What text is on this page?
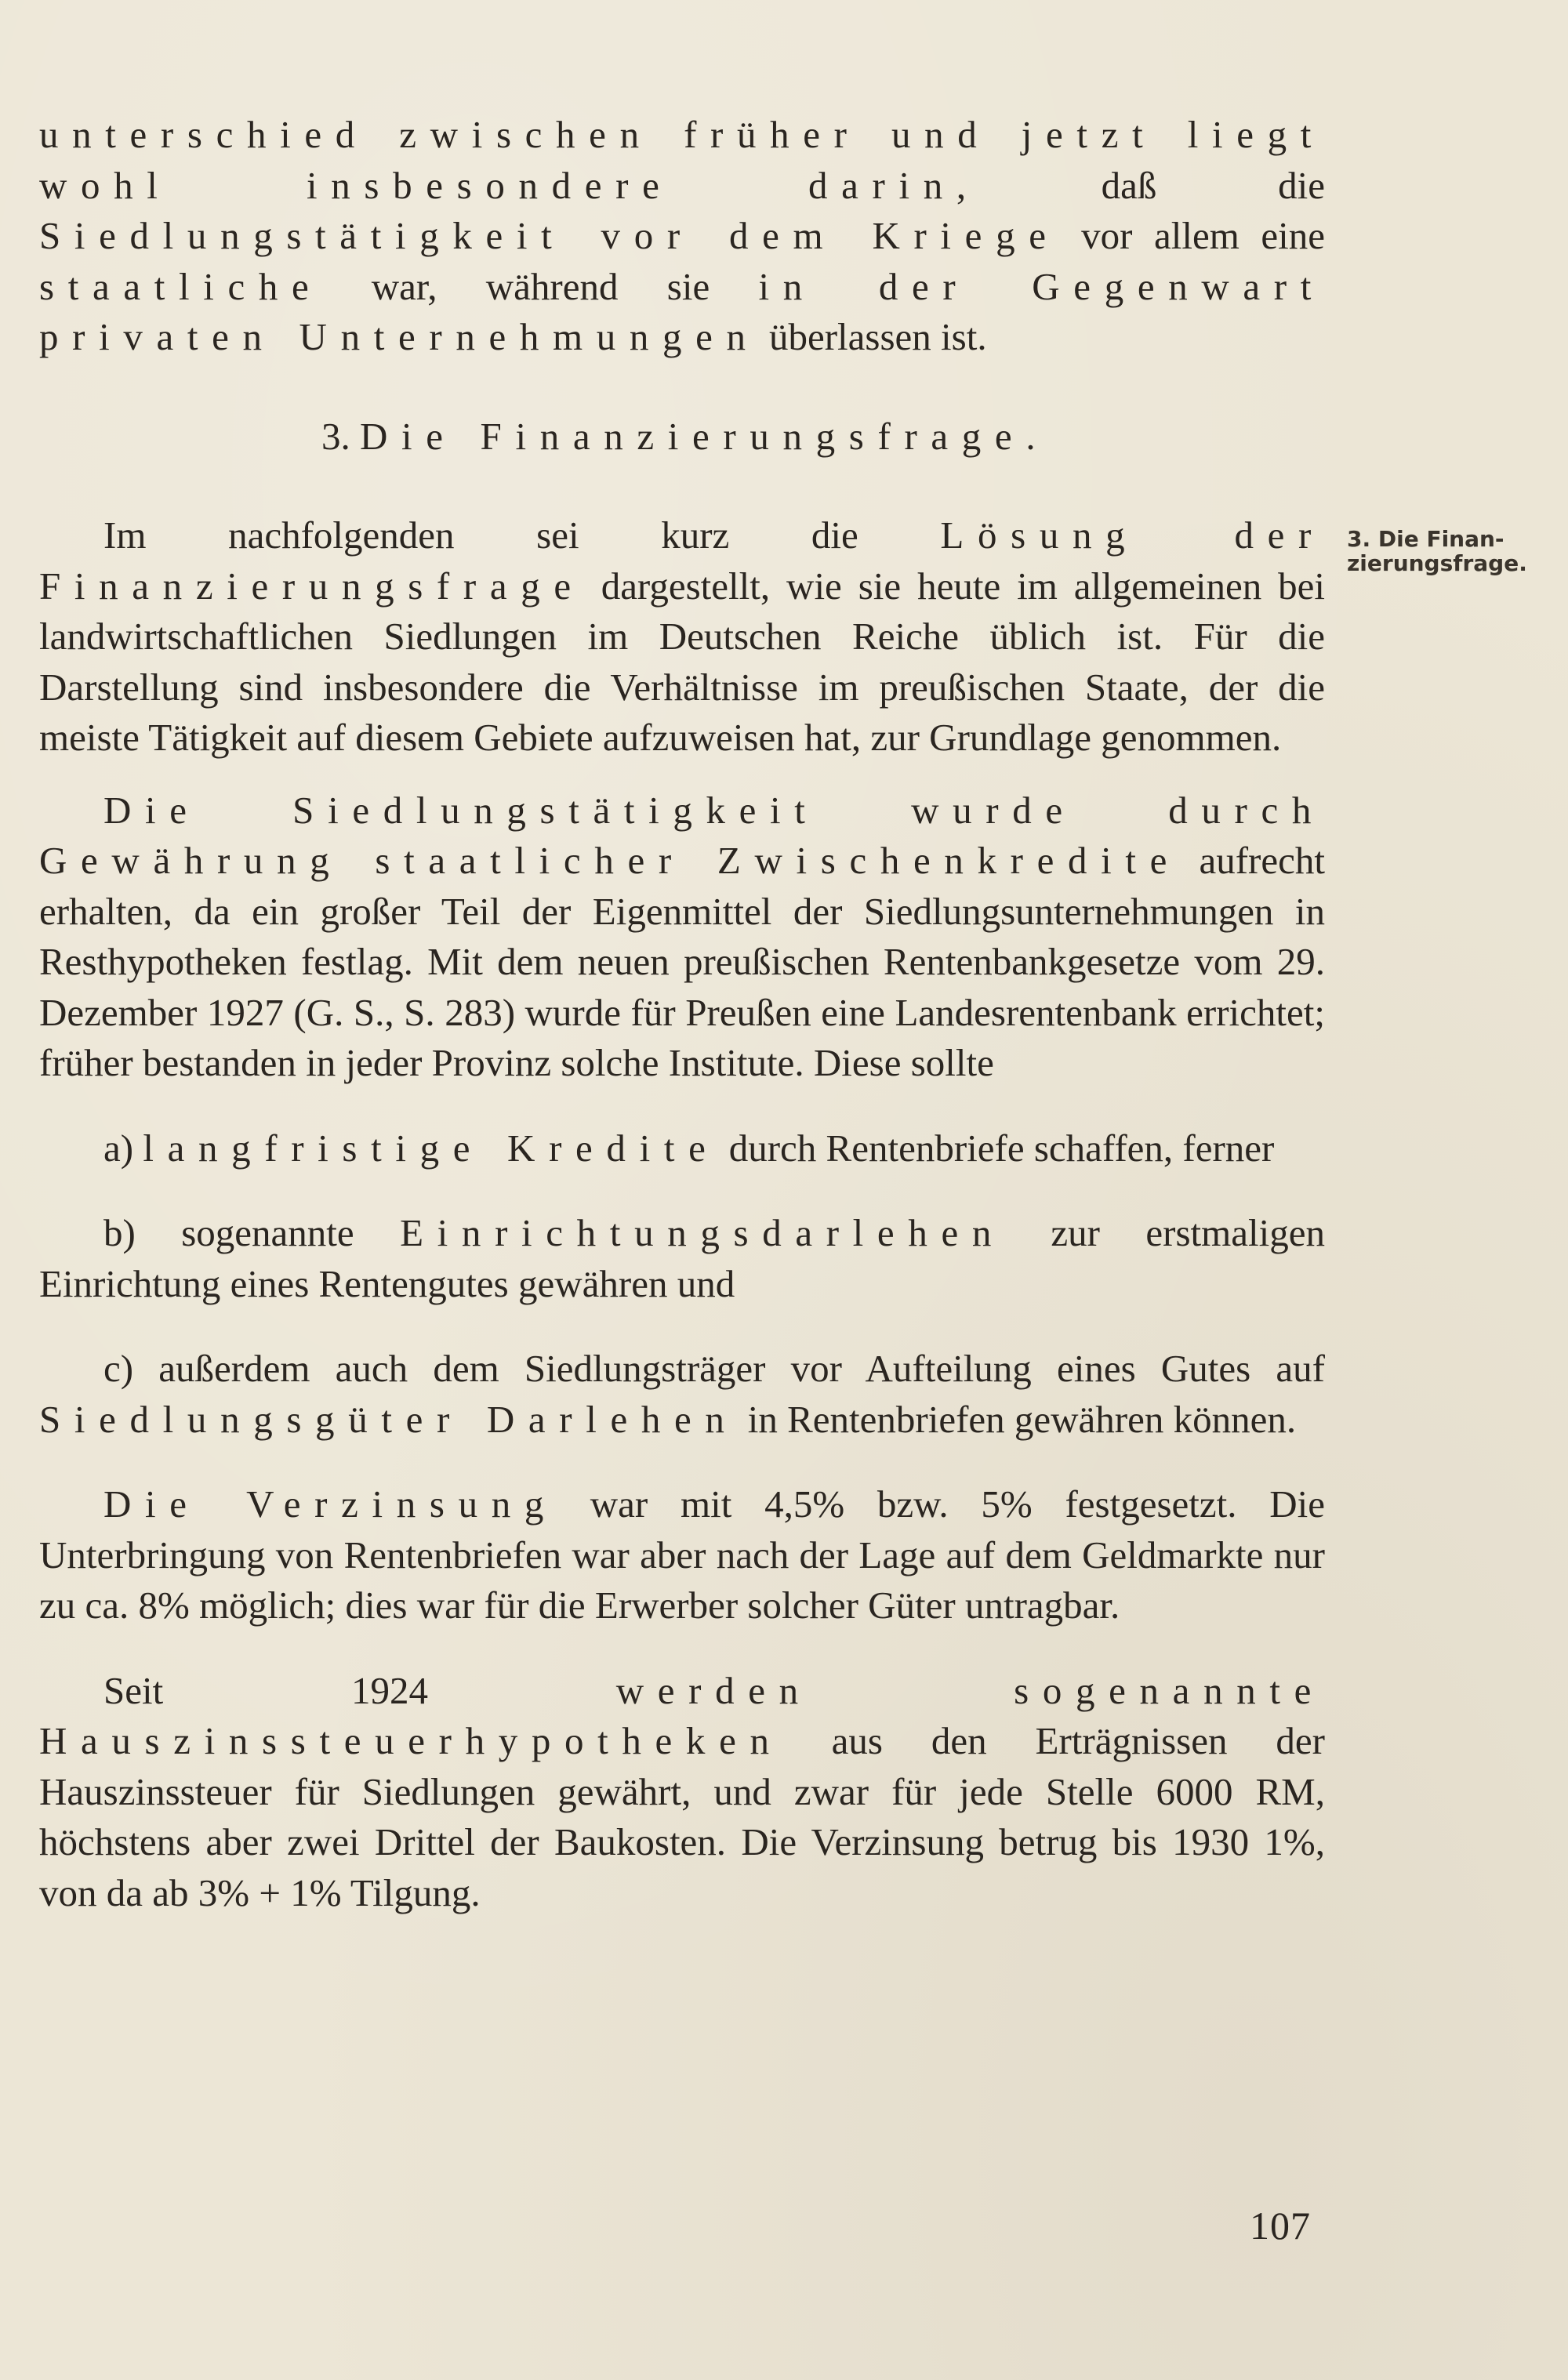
unterschied zwischen früher und jetzt liegt wohl insbesondere darin, daß die Siedlungstätigkeit vor dem Kriege vor allem eine staatliche war, während sie in der Gegenwart privaten Unternehmungen überlassen ist.

3. Die Finanzierungsfrage.

Im nachfolgenden sei kurz die Lösung der Finanzierungsfrage dargestellt, wie sie heute im allgemeinen bei landwirtschaftlichen Siedlungen im Deutschen Reiche üblich ist. Für die Darstellung sind insbesondere die Verhältnisse im preußischen Staate, der die meiste Tätigkeit auf diesem Gebiete aufzuweisen hat, zur Grundlage genommen.

Die Siedlungstätigkeit wurde durch Gewährung staatlicher Zwischenkredite aufrecht erhalten, da ein großer Teil der Eigenmittel der Siedlungsunternehmungen in Resthypotheken festlag. Mit dem neuen preußischen Rentenbankgesetze vom 29. Dezember 1927 (G. S., S. 283) wurde für Preußen eine Landesrentenbank errichtet; früher bestanden in jeder Provinz solche Institute. Diese sollte

a) langfristige Kredite durch Rentenbriefe schaffen, ferner

b) sogenannte Einrichtungsdarlehen zur erstmaligen Einrichtung eines Rentengutes gewähren und

c) außerdem auch dem Siedlungsträger vor Aufteilung eines Gutes auf Siedlungsgüter Darlehen in Rentenbriefen gewähren können.

Die Verzinsung war mit 4,5% bzw. 5% festgesetzt. Die Unterbringung von Rentenbriefen war aber nach der Lage auf dem Geldmarkte nur zu ca. 8% möglich; dies war für die Erwerber solcher Güter untragbar.

Seit 1924 werden sogenannte Hauszinssteuerhypotheken aus den Erträgnissen der Hauszinssteuer für Siedlungen gewährt, und zwar für jede Stelle 6000 RM, höchstens aber zwei Drittel der Baukosten. Die Verzinsung betrug bis 1930 1%, von da ab 3% + 1% Tilgung.

3. Die Finan-
zierungsfrage.
107
